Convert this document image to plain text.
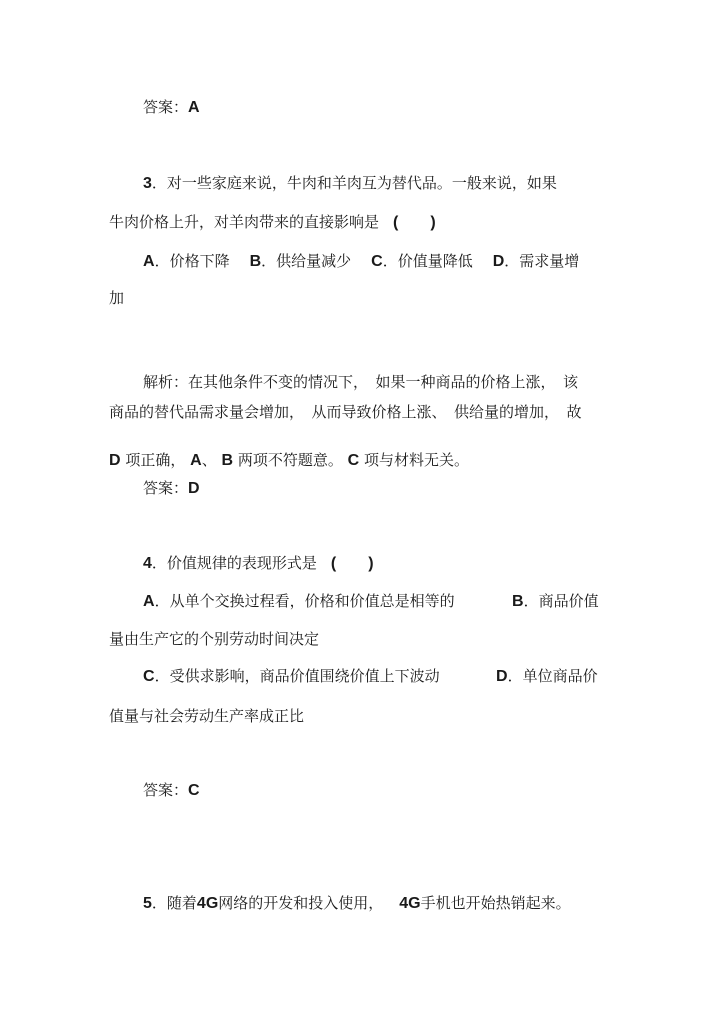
答案：A
3．对一些家庭来说，牛肉和羊肉互为替代品。一般来说，如果
牛肉价格上升，对羊肉带来的直接影响是 (　　)
A．价格下降 B．供给量减少 C．价值量降低 D．需求量增
加
解析：在其他条件不变的情况下，　如果一种商品的价格上涨，　该
商品的替代品需求量会增加，　从而导致价格上涨、　供给量的增加，　故
D 项正确， A、 B 两项不符题意。 C 项与材料无关。
答案：D
4．价值规律的表现形式是 (　　)
A．从单个交换过程看，价格和价值总是相等的	B．商品价值
量由生产它的个别劳动时间决定
C．受供求影响，商品价值围绕价值上下波动	D．单位商品价
值量与社会劳动生产率成正比
答案：C
5．随着4G网络的开发和投入使用， 4G手机也开始热销起来。
